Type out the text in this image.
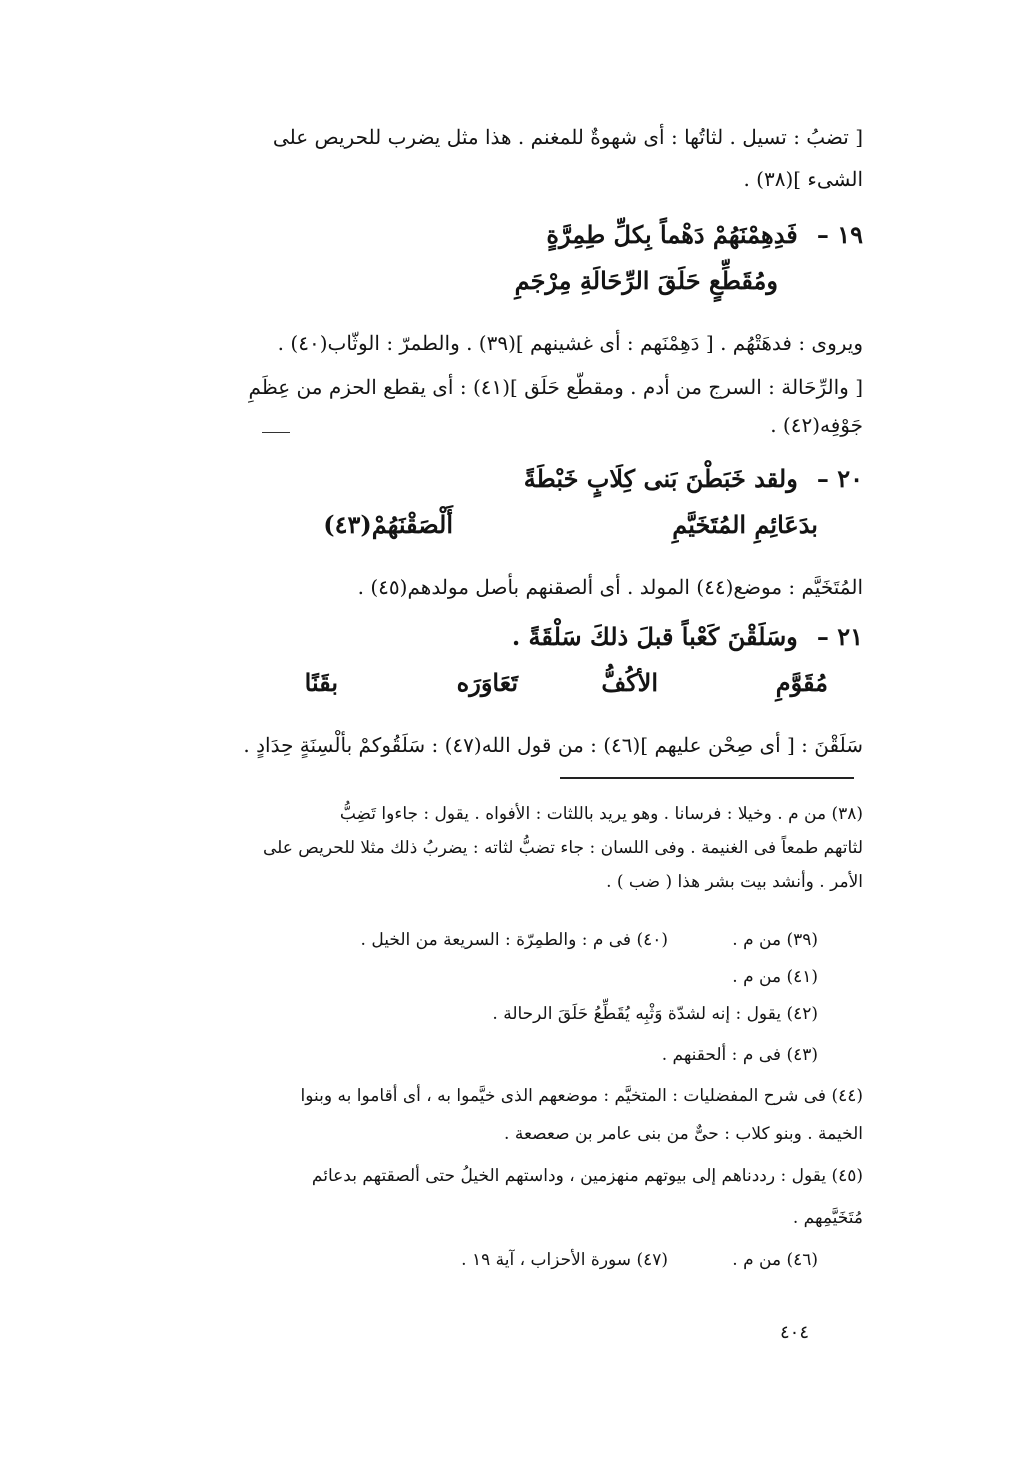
[ تضبُ : تسيل . لثاتُها : أى شهوةٌ للمغنم . هذا مثل يضرب للحريص على
الشىء ](٣٨) .
١٩ –   فَدِهِمْنَهُمْ دَهْماً بِكلِّ طِمِرَّةٍ
ومُقَطِّعٍ حَلَقَ الرِّحَالَةِ مِرْجَمِ
ويروى : فدهَتْهُم . [ دَهِمْنَهم : أى غشينهم ](٣٩) . والطمرّ : الوثّاب(٤٠) .
[ والرِّحَالة : السرج من أدم . ومقطّع حَلَق ](٤١) : أى يقطع الحزم من عِظَمِ
جَوْفِه(٤٢) .
٢٠ –   ولقد خَبَطْنَ بَنى كِلَابٍ خَبْطَةً
أَلْصَقْنَهُمْ(٤٣)	بدَعَائِمِ المُتَخَيَّمِ
المُتَخَيَّم : موضع(٤٤) المولد . أى ألصقنهم بأصل مولدهم(٤٥) .
٢١ –   وسَلَقْنَ كَعْباً قبلَ ذلكَ سَلْقَةً .
بقَنًا	تَعَاوَرَه	الأكُفُّ	مُقَوَّمِ
سَلَقْنَ : [ أى صِحْن عليهم ](٤٦) : من قول الله(٤٧) : سَلَقُوكمْ بألْسِنَةٍ حِدَادٍ .
(٣٨) من م . وخيلا : فرسانا . وهو يريد باللثات : الأفواه . يقول : جاءوا تَضِبُّ
لثاتهم طمعاً فى الغنيمة . وفى اللسان : جاء تضبُّ لثاته : يضربُ ذلك مثلا للحريص على
الأمر . وأنشد بيت بشر هذا ( ضب ) .
(٣٩) من م .
(٤٠) فى م : والطمِرّة : السريعة من الخيل .
(٤١) من م .
(٤٢) يقول : إنه لشدّة وَثْبِه يُقَطِّعُ حَلَقَ الرحالة .
(٤٣) فى م : ألحقنهم .
(٤٤) فى شرح المفضليات : المتخيَّم : موضعهم الذى خيَّموا به ، أى أقاموا به وبنوا
الخيمة . وبنو كلاب : حىٌّ من بنى عامر بن صعصعة .
(٤٥) يقول : رددناهم إلى بيوتهم منهزمين ، وداستهم الخيلُ حتى ألصقتهم بدعائم
مُتَخَيَّمِهم .
(٤٦) من م .
(٤٧) سورة الأحزاب ، آية ١٩ .
٤٠٤
